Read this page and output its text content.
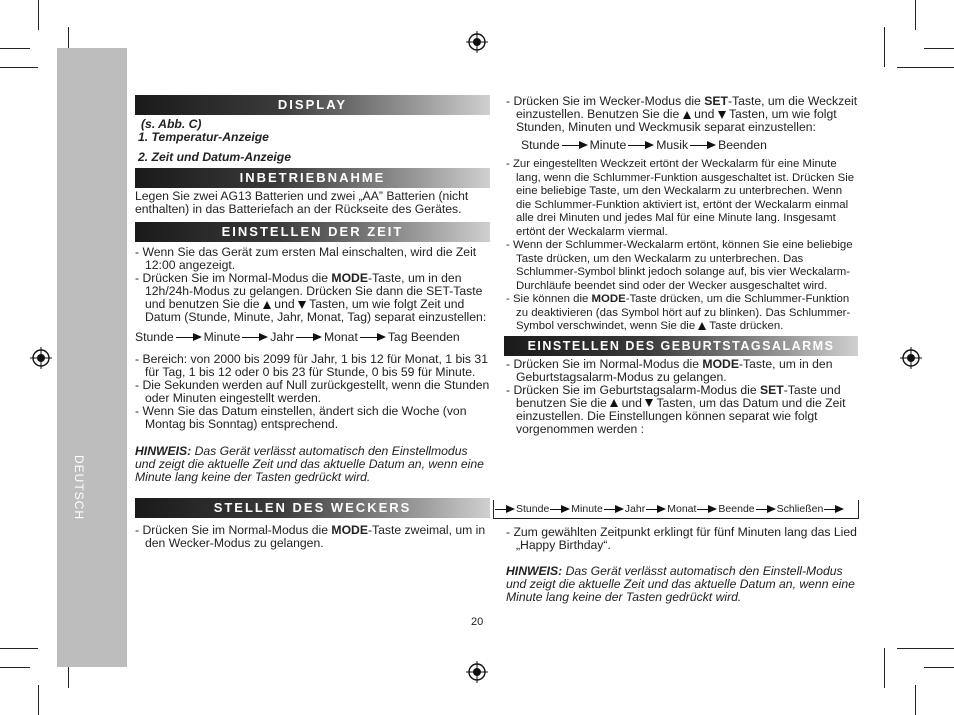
DEUTSCH
DISPLAY

(s. Abb. C)

1. Temperatur-Anzeige

2. Zeit und Datum-Anzeige

INBETRIEBNAHME

Legen Sie zwei AG13 Batterien und zwei „AA” Batterien (nicht enthalten) in das Batteriefach an der Rückseite des Gerätes.

EINSTELLEN DER ZEIT

- Wenn Sie das Gerät zum ersten Mal einschalten, wird die Zeit 12:00 angezeigt.

- Drücken Sie im Normal-Modus die MODE-Taste, um in den 12h/24h-Modus zu gelangen. Drücken Sie dann die SET-Taste und benutzen Sie die  und  Tasten, um wie folgt Zeit und Datum (Stunde, Minute, Jahr, Monat, Tag) separat einzustellen:

Stunde Minute Jahr Monat Tag
Beenden

- Bereich: von 2000 bis 2099 für Jahr, 1 bis 12 für Monat, 1 bis 31 für Tag, 1 bis 12 oder 0 bis 23 für Stunde, 0 bis 59 für Minute.

- Die Sekunden werden auf Null zurückgestellt, wenn die Stunden oder Minuten eingestellt werden.

- Wenn Sie das Datum einstellen, ändert sich die Woche (von Montag bis Sonntag) entsprechend.

HINWEIS: Das Gerät verlässt automatisch den Einstellmodus und zeigt die aktuelle Zeit und das aktuelle Datum an, wenn eine Minute lang keine der Tasten gedrückt wird.

STELLEN DES WECKERS

- Drücken Sie im Normal-Modus die MODE-Taste zweimal, um in den Wecker-Modus zu gelangen.

- Drücken Sie im Wecker-Modus die SET-Taste, um die Weckzeit einzustellen. Benutzen Sie die  und  Tasten, um wie folgt Stunden, Minuten und Weckmusik separat einzustellen:

Stunde Minute Musik Beenden

- Zur eingestellten Weckzeit ertönt der Weckalarm für eine Minute lang, wenn die Schlummer-Funktion ausgeschaltet ist. Drücken Sie eine beliebige Taste, um den Weckalarm zu unterbrechen. Wenn die Schlummer-Funktion aktiviert ist, ertönt der Weckalarm einmal alle drei Minuten und jedes Mal für eine Minute lang. Insgesamt ertönt der Weckalarm viermal.

- Wenn der Schlummer-Weckalarm ertönt, können Sie eine beliebige Taste drücken, um den Weckalarm zu unterbrechen. Das Schlummer-Symbol blinkt jedoch solange auf, bis vier Weckalarm-Durchläufe beendet sind oder der Wecker ausgeschaltet wird.

- Sie können die MODE-Taste drücken, um die Schlummer-Funktion zu deaktivieren (das Symbol hört auf zu blinken). Das Schlummer-Symbol verschwindet, wenn Sie die  Taste drücken.

EINSTELLEN DES GEBURTSTAGSALARMS

- Drücken Sie im Normal-Modus die MODE-Taste, um in den Geburtstagsalarm-Modus zu gelangen.

- Drücken Sie im Geburtstagsalarm-Modus die SET-Taste und benutzen Sie die  und  Tasten, um das Datum und die Zeit einzustellen. Die Einstellungen können separat wie folgt vorgenommen werden :

Stunde Minute Jahr Monat Beende Schließen

- Zum gewählten Zeitpunkt erklingt für fünf Minuten lang das Lied „Happy Birthday“.

HINWEIS: Das Gerät verlässt automatisch den Einstell-Modus und zeigt die aktuelle Zeit und das aktuelle Datum an, wenn eine Minute lang keine der Tasten gedrückt wird.

20
